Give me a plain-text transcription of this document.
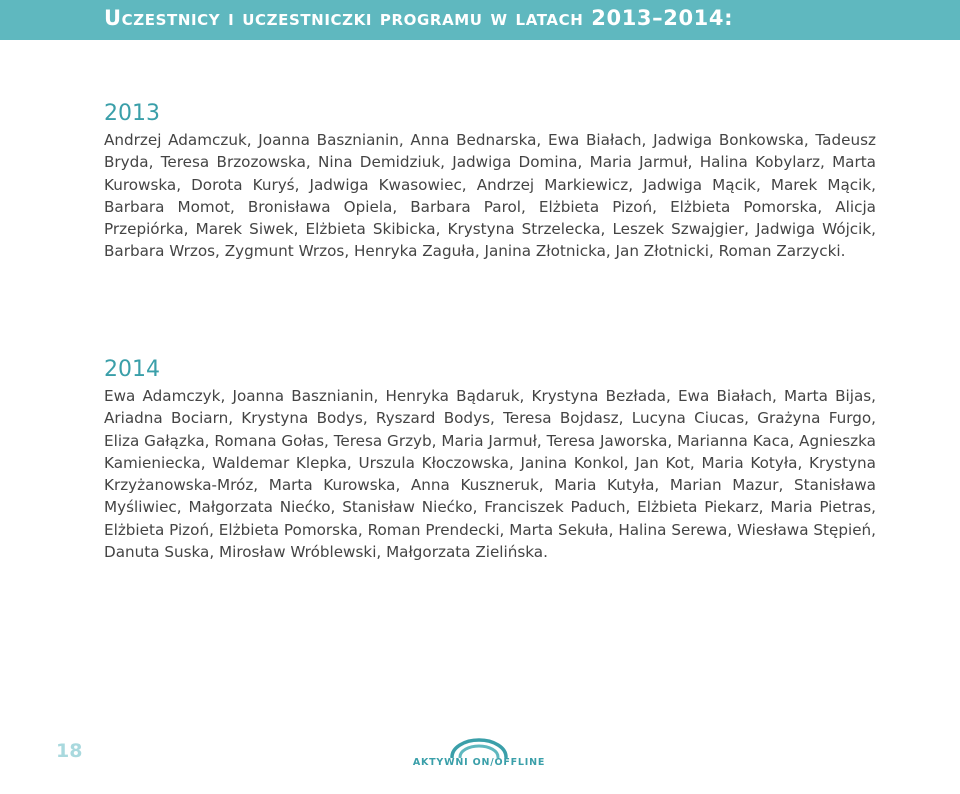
Uczestnicy i uczestniczki programu w latach 2013–2014:
2013

Andrzej Adamczuk, Joanna Basznianin, Anna Bednarska, Ewa Białach, Jadwiga Bonkowska, Tadeusz Bryda, Teresa Brzozowska, Nina Demidziuk, Jadwiga Domina, Maria Jarmuł, Halina Kobylarz, Marta Kurowska, Dorota Kuryś, Jadwiga Kwasowiec, Andrzej Markiewicz, Jadwiga Mącik, Marek Mącik, Barbara Momot, Bronisława Opiela, Barbara Parol, Elżbieta Pizoń, Elżbieta Pomorska, Alicja Przepiórka, Marek Siwek, Elżbieta Skibicka, Krystyna Strzelecka, Leszek Szwajgier, Jadwiga Wójcik, Barbara Wrzos, Zygmunt Wrzos, Henryka Zaguła, Janina Złotnicka, Jan Złotnicki, Roman Zarzycki.

2014

Ewa Adamczyk, Joanna Basznianin, Henryka Bądaruk, Krystyna Bezłada, Ewa Białach, Marta Bijas, Ariadna Bociarn, Krystyna Bodys, Ryszard Bodys, Teresa Bojdasz, Lucyna Ciucas, Grażyna Furgo, Eliza Gałązka, Romana Gołas, Teresa Grzyb, Maria Jarmuł, Teresa Jaworska, Marianna Kaca, Agnieszka Kamieniecka, Waldemar Klepka, Urszula Kłoczowska, Janina Konkol, Jan Kot, Maria Kotyła, Krystyna Krzyżanowska-Mróz, Marta Kurowska, Anna Kuszneruk, Maria Kutyła, Marian Mazur, Stanisława Myśliwiec, Małgorzata Niećko, Stanisław Niećko, Franciszek Paduch, Elżbieta Piekarz, Maria Pietras, Elżbieta Pizoń, Elżbieta Pomorska, Roman Prendecki, Marta Sekuła, Halina Serewa, Wiesława Stępień, Danuta Suska, Mirosław Wróblewski, Małgorzata Zielińska.

18
AKTYWNI ON/OFFLINE
